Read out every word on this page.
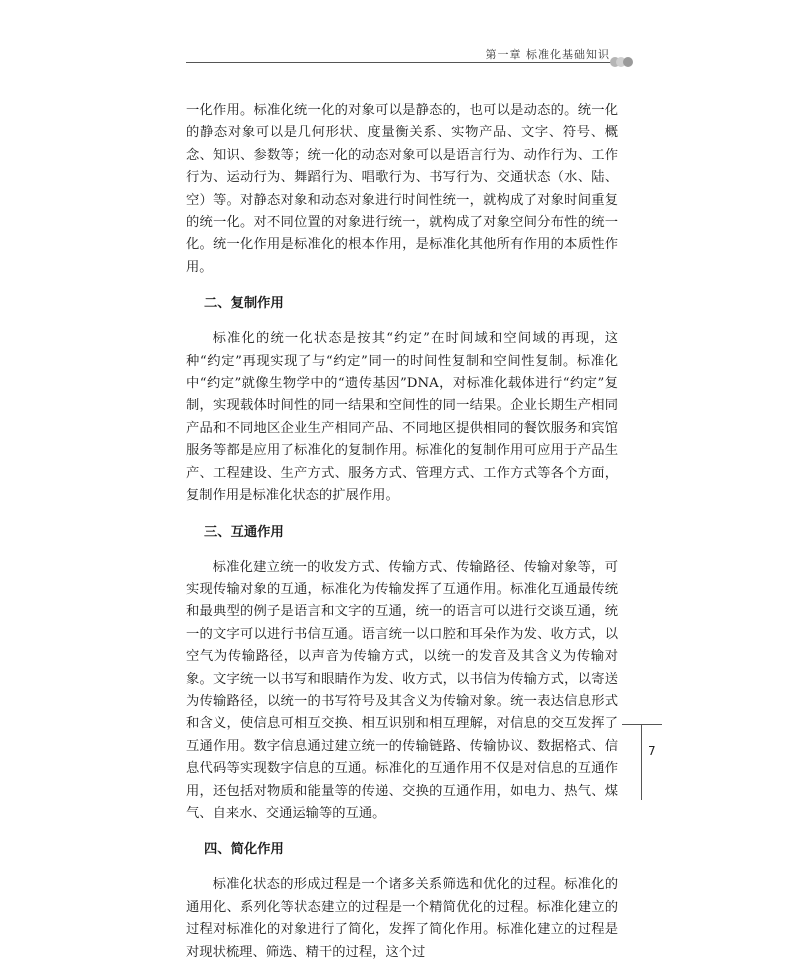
第一章 标准化基础知识

一化作用。标准化统一化的对象可以是静态的，也可以是动态的。统一化的静态对象可以是几何形状、度量衡关系、实物产品、文字、符号、概念、知识、参数等；统一化的动态对象可以是语言行为、动作行为、工作行为、运动行为、舞蹈行为、唱歌行为、书写行为、交通状态（水、陆、空）等。对静态对象和动态对象进行时间性统一，就构成了对象时间重复的统一化。对不同位置的对象进行统一，就构成了对象空间分布性的统一化。统一化作用是标准化的根本作用，是标准化其他所有作用的本质性作用。

二、复制作用

标准化的统一化状态是按其“约定”在时间域和空间域的再现，这种“约定”再现实现了与“约定”同一的时间性复制和空间性复制。标准化中“约定”就像生物学中的“遗传基因”DNA，对标准化载体进行“约定”复制，实现载体时间性的同一结果和空间性的同一结果。企业长期生产相同产品和不同地区企业生产相同产品、不同地区提供相同的餐饮服务和宾馆服务等都是应用了标准化的复制作用。标准化的复制作用可应用于产品生产、工程建设、生产方式、服务方式、管理方式、工作方式等各个方面，复制作用是标准化状态的扩展作用。

三、互通作用

标准化建立统一的收发方式、传输方式、传输路径、传输对象等，可实现传输对象的互通，标准化为传输发挥了互通作用。标准化互通最传统和最典型的例子是语言和文字的互通，统一的语言可以进行交谈互通，统一的文字可以进行书信互通。语言统一以口腔和耳朵作为发、收方式，以空气为传输路径，以声音为传输方式，以统一的发音及其含义为传输对象。文字统一以书写和眼睛作为发、收方式，以书信为传输方式，以寄送为传输路径，以统一的书写符号及其含义为传输对象。统一表达信息形式和含义，使信息可相互交换、相互识别和相互理解，对信息的交互发挥了互通作用。数字信息通过建立统一的传输链路、传输协议、数据格式、信息代码等实现数字信息的互通。标准化的互通作用不仅是对信息的互通作用，还包括对物质和能量等的传递、交换的互通作用，如电力、热气、煤气、自来水、交通运输等的互通。

四、简化作用

标准化状态的形成过程是一个诸多关系筛选和优化的过程。标准化的通用化、系列化等状态建立的过程是一个精简优化的过程。标准化建立的过程对标准化的对象进行了简化，发挥了简化作用。标准化建立的过程是对现状梳理、筛选、精干的过程，这个过

7
